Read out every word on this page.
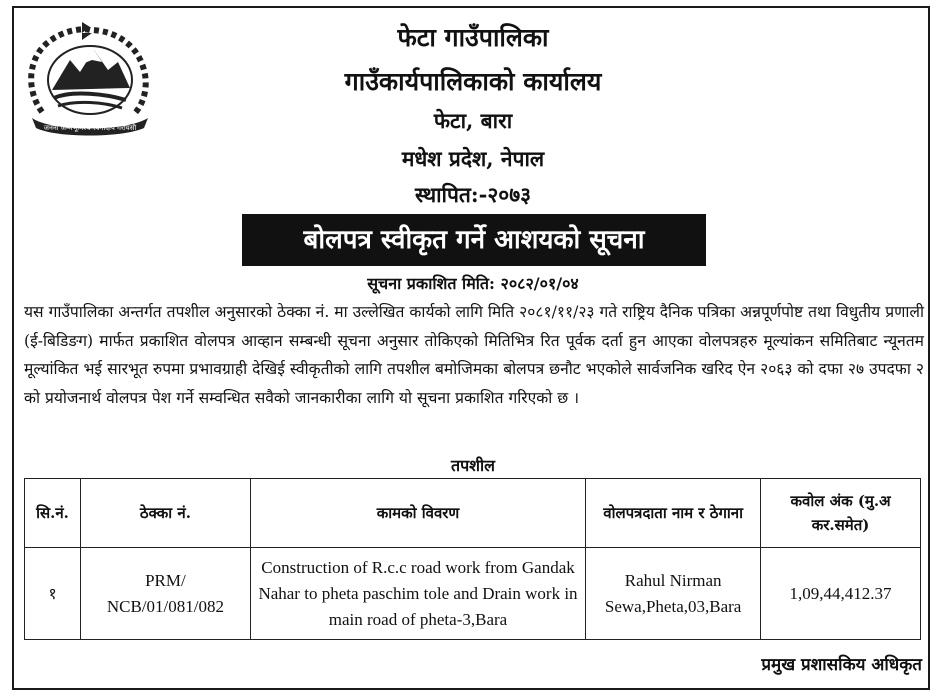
जननी जन्मभूमिश्च स्वर्गादपि गरीयसी
फेटा गाउँपालिका
गाउँकार्यपालिकाको कार्यालय
फेटा, बारा
मधेश प्रदेश, नेपाल
स्थापित:-२०७३
बोलपत्र स्वीकृत गर्ने आशयको सूचना
सूचना प्रकाशित मिति: २०८२/०१/०४
यस गाउँपालिका अन्तर्गत तपशील अनुसारको ठेक्का नं. मा उल्लेखित कार्यको लागि मिति २०८१/११/२३ गते राष्ट्रिय दैनिक पत्रिका अन्नपूर्णपोष्ट तथा विधुतीय प्रणाली (ई-बिडिङग) मार्फत प्रकाशित वोलपत्र आव्हान सम्बन्धी सूचना अनुसार तोकिएको मितिभित्र रित पूर्वक दर्ता हुन आएका वोलपत्रहरु मूल्यांकन समितिबाट न्यूनतम मूल्यांकित भई सारभूत रुपमा प्रभावग्राही देखिई स्वीकृतीको लागि तपशील बमोजिमका बोलपत्र छनौट भएकोले सार्वजनिक खरिद ऐन २०६३ को दफा २७ उपदफा २ को प्रयोजनार्थ वोलपत्र पेश गर्ने सम्वन्धित सवैको जानकारीका लागि यो सूचना प्रकाशित गरिएको छ ।
तपशील
सि.नं.	ठेक्का नं.	कामको विवरण	वोलपत्रदाता नाम र ठेगाना	कवोल अंक (मु.अ कर.समेत)
१	PRM/ NCB/01/081/082	Construction of R.c.c road work from Gandak Nahar to pheta paschim tole and Drain work in main road of pheta-3,Bara	Rahul Nirman Sewa,Pheta,03,Bara	1,09,44,412.37
प्रमुख प्रशासकिय अधिकृत
